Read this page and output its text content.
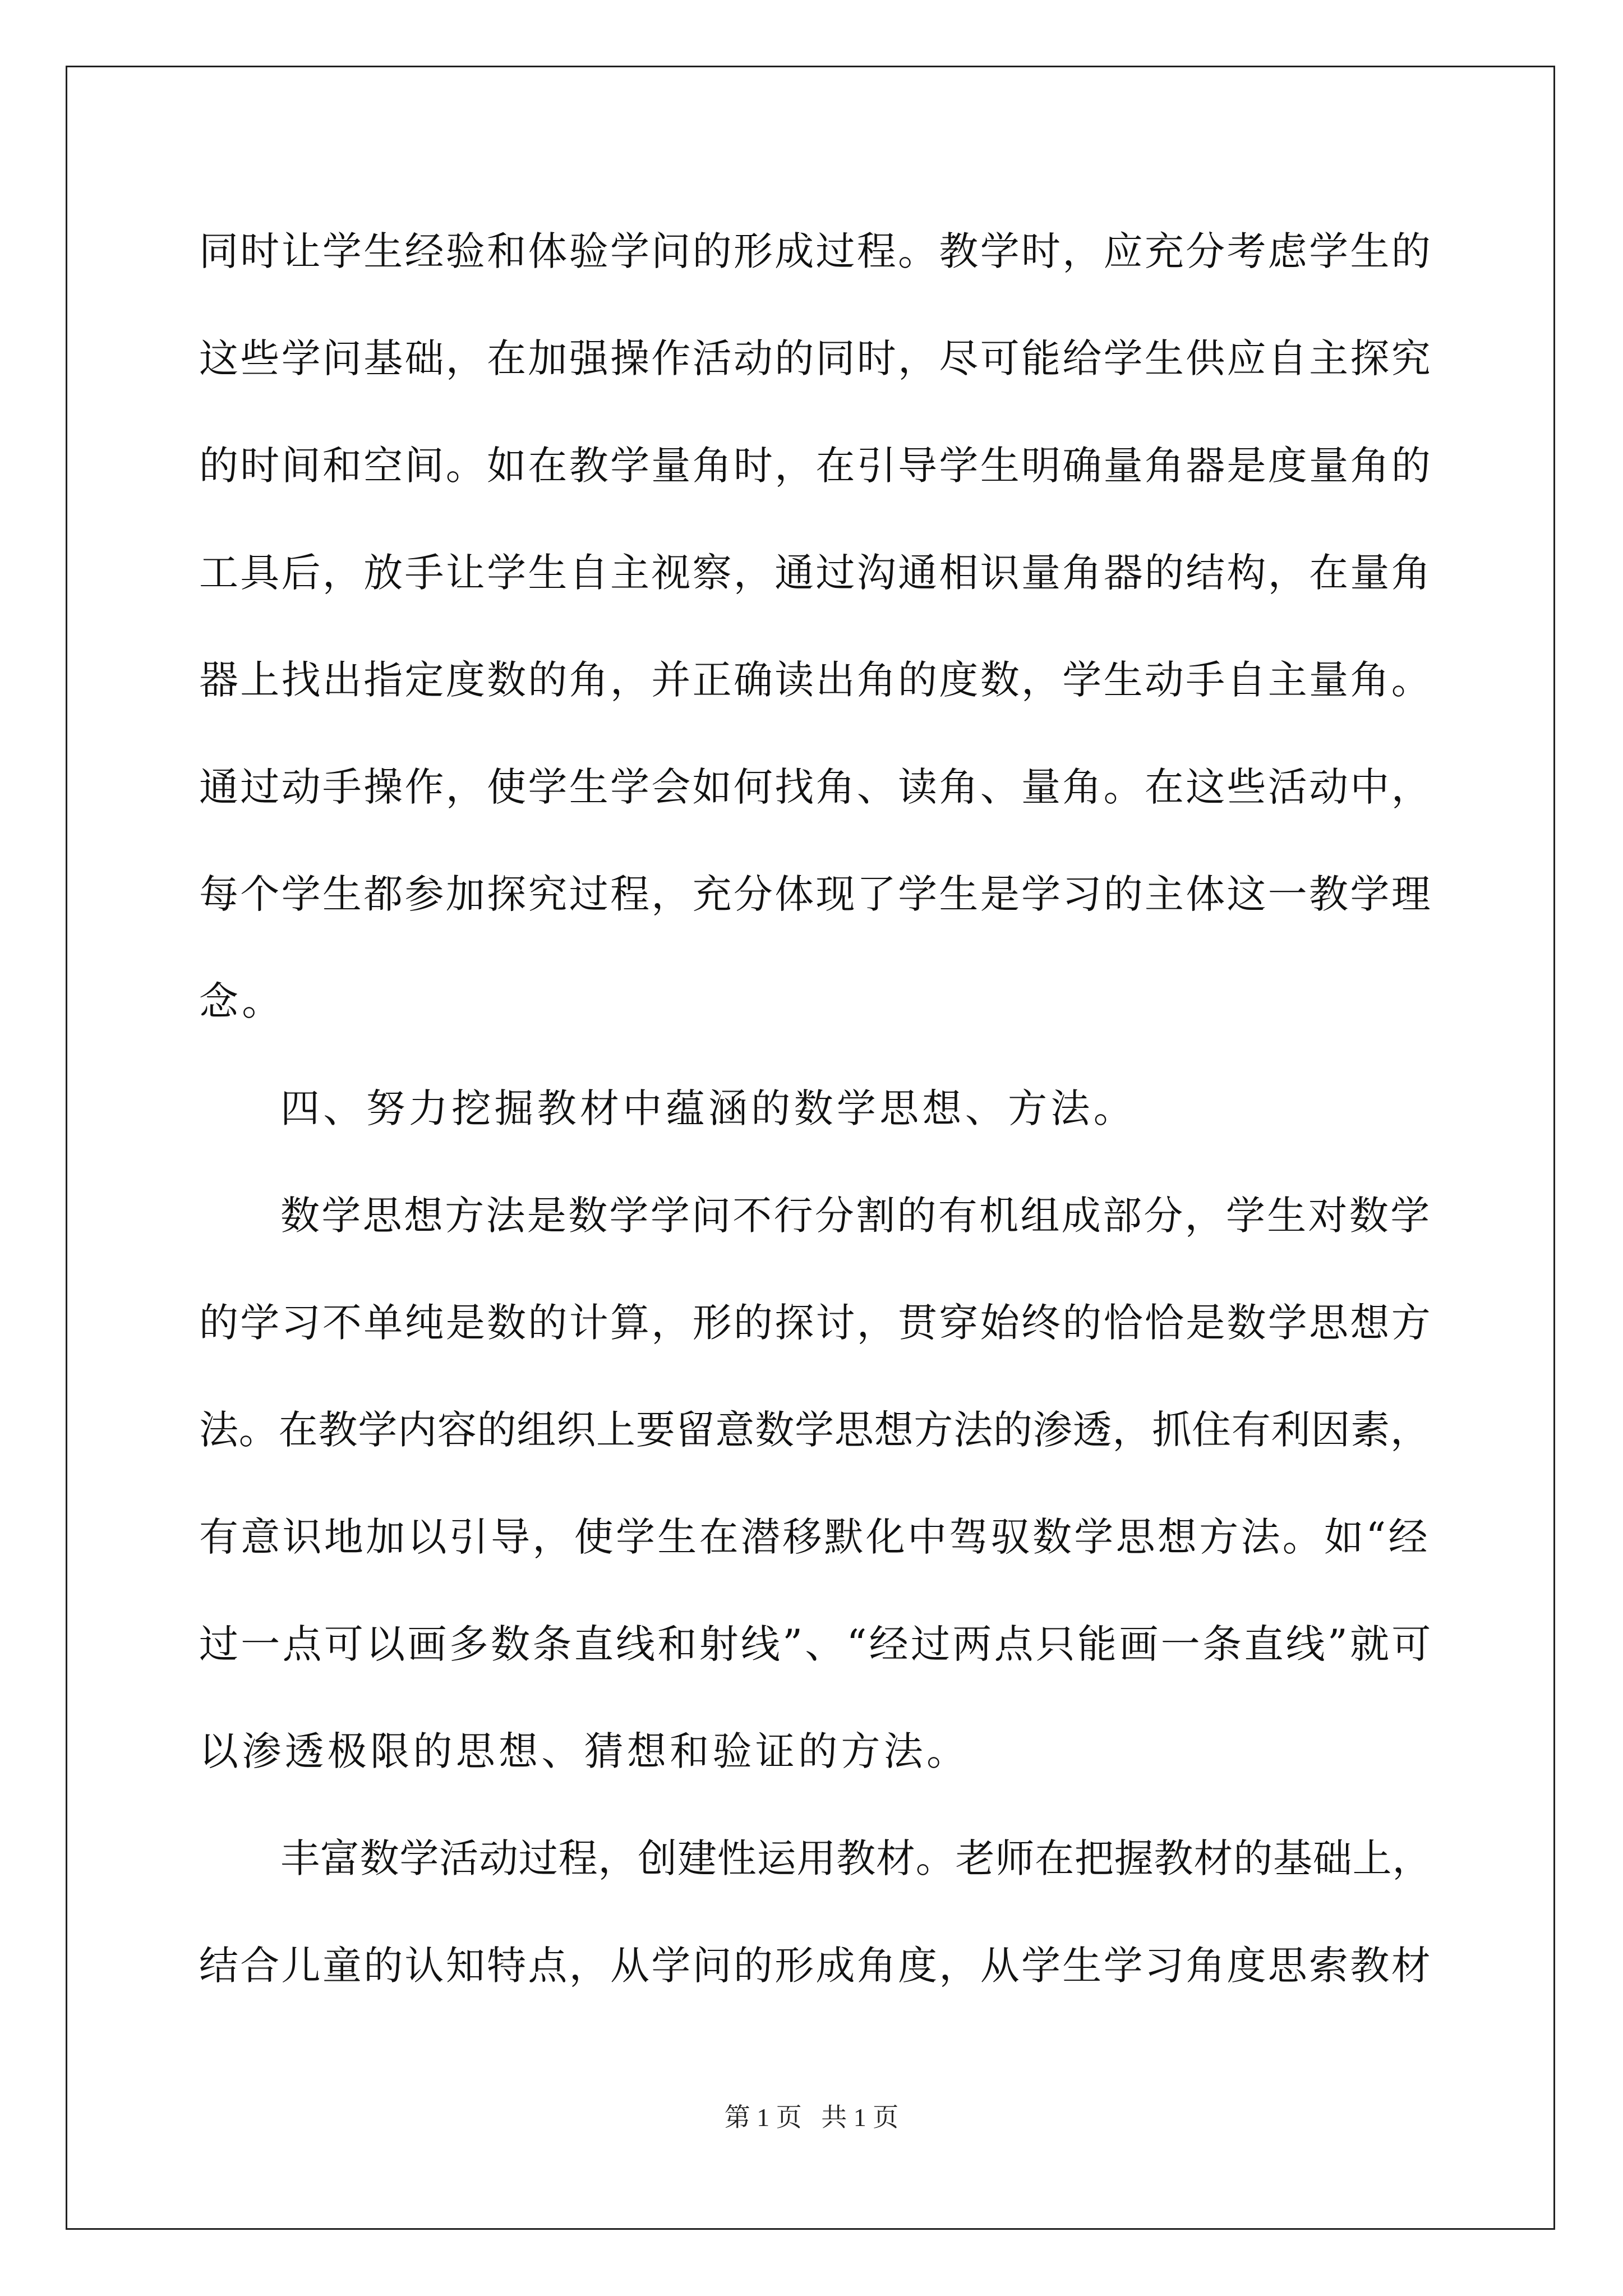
同时让学生经验和体验学问的形成过程。教学时，应充分考虑学生的
这些学问基础，在加强操作活动的同时，尽可能给学生供应自主探究
的时间和空间。如在教学量角时，在引导学生明确量角器是度量角的
工具后，放手让学生自主视察，通过沟通相识量角器的结构，在量角
器上找出指定度数的角，并正确读出角的度数，学生动手自主量角。
通过动手操作，使学生学会如何找角、读角、量角。在这些活动中，
每个学生都参加探究过程，充分体现了学生是学习的主体这一教学理
念。
四、努力挖掘教材中蕴涵的数学思想、方法。
数学思想方法是数学学问不行分割的有机组成部分，学生对数学
的学习不单纯是数的计算，形的探讨，贯穿始终的恰恰是数学思想方
法。在教学内容的组织上要留意数学思想方法的渗透，抓住有利因素，
有意识地加以引导，使学生在潜移默化中驾驭数学思想方法。如“经
过一点可以画多数条直线和射线”、“经过两点只能画一条直线”就可
以渗透极限的思想、猜想和验证的方法。
丰富数学活动过程，创建性运用教材。老师在把握教材的基础上，
结合儿童的认知特点，从学问的形成角度，从学生学习角度思索教材
第 1 页   共 1 页
